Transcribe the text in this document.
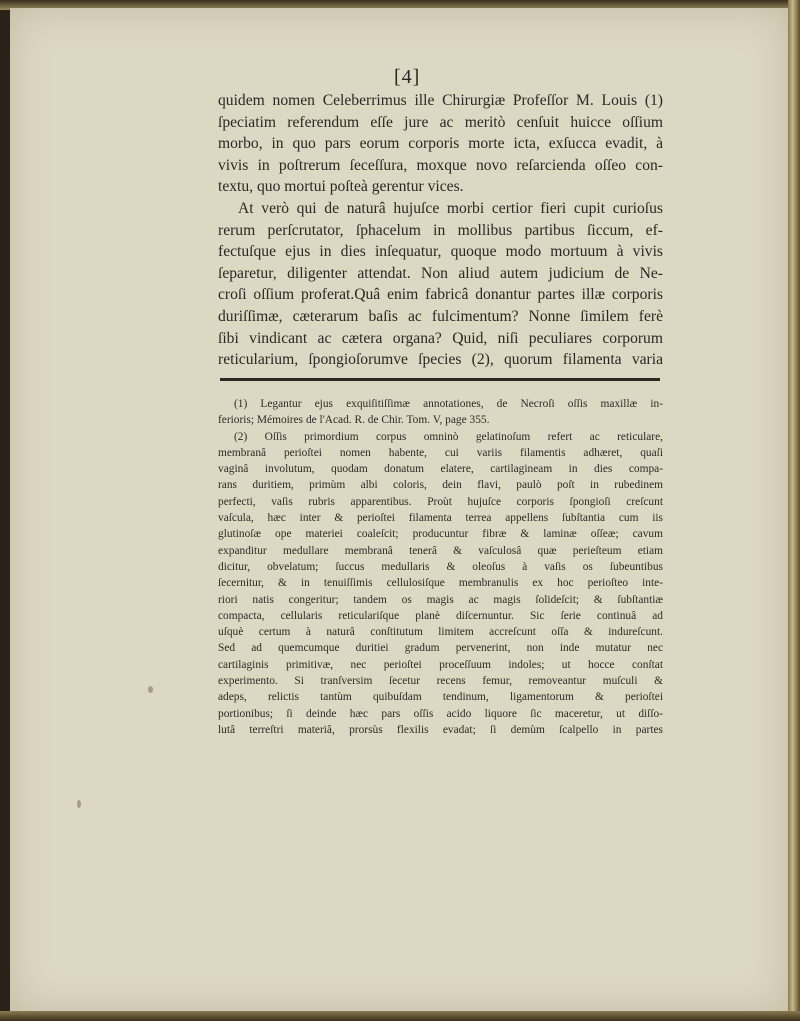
[4]
quidem nomen Celeberrimus ille Chirurgiæ Profeſſor M. Louis (1)
ſpeciatim referendum eſſe jure ac meritò cenſuit huicce oſſium
morbo, in quo pars eorum corporis morte icta, exſucca evadit, à
vivis in poſtrerum ſeceſſura, moxque novo reſarcienda oſſeo con-
textu, quo mortui poſteà gerentur vices.
At verò qui de naturâ hujuſce morbi certior fieri cupit curioſus
rerum perſcrutator, ſphacelum in mollibus partibus ſiccum, ef-
fectuſque ejus in dies inſequatur, quoque modo mortuum à vivis
ſeparetur, diligenter attendat. Non aliud autem judicium de Ne-
croſi oſſium proferat.Quâ enim fabricâ donantur partes illæ corporis
duriſſimæ, cæterarum baſis ac fulcimentum? Nonne ſimilem ferè
ſibi vindicant ac cætera organa? Quid, niſi peculiares corporum
reticularium, ſpongioſorumve ſpecies (2), quorum filamenta varia
(1) Legantur ejus exquiſitiſſimæ annotationes, de Necroſi oſſis maxillæ in-
ferioris; Mémoires de l'Acad. R. de Chir. Tom. V, page 355.
(2) Oſſis primordium corpus omninò gelatinoſum refert ac reticulare,
membranâ perioſtei nomen habente, cui variis filamentis adhæret, quaſi
vaginâ involutum, quodam donatum elatere, cartilagineam in dies compa-
rans duritiem, primùm albi coloris, dein flavi, paulò poſt in rubedinem
perfecti, vaſis rubris apparentibus. Proùt hujuſce corporis ſpongioſi creſcunt
vaſcula, hæc inter & perioſtei filamenta terrea appellens ſubſtantia cum iis
glutinoſæ ope materiei coaleſcit; producuntur fibræ & laminæ oſſeæ; cavum
expanditur medullare membranâ tenerâ & vaſculosâ quæ perieſteum etiam
dicitur, obvelatum; ſuccus medullaris & oleoſus à vaſis os ſubeuntibus
ſecernitur, & in tenuiſſimis cellulosiſque membranulis ex hoc perioſteo inte-
riori natis congeritur; tandem os magis ac magis ſolideſcit; & ſubſtantiæ
compacta, cellularis reticulariſque planè diſcernuntur. Sic ſerie continuâ ad
uſquè certum à naturâ conſtitutum limitem accreſcunt oſſa & indureſcunt.
Sed ad quemcumque duritiei gradum pervenerint, non inde mutatur nec
cartilaginis primitivæ, nec perioſtei proceſſuum indoles; ut hocce conſtat
experimento. Si tranſversim ſecetur recens femur, removeantur muſculi &
adeps, relictis tantùm quibuſdam tendinum, ligamentorum & perioſtei
portionibus; ſi deinde hæc pars oſſis acido liquore ſic maceretur, ut diſſo-
lutâ terreſtri materiâ, prorsùs flexilis evadat; ſi demùm ſcalpello in partes
